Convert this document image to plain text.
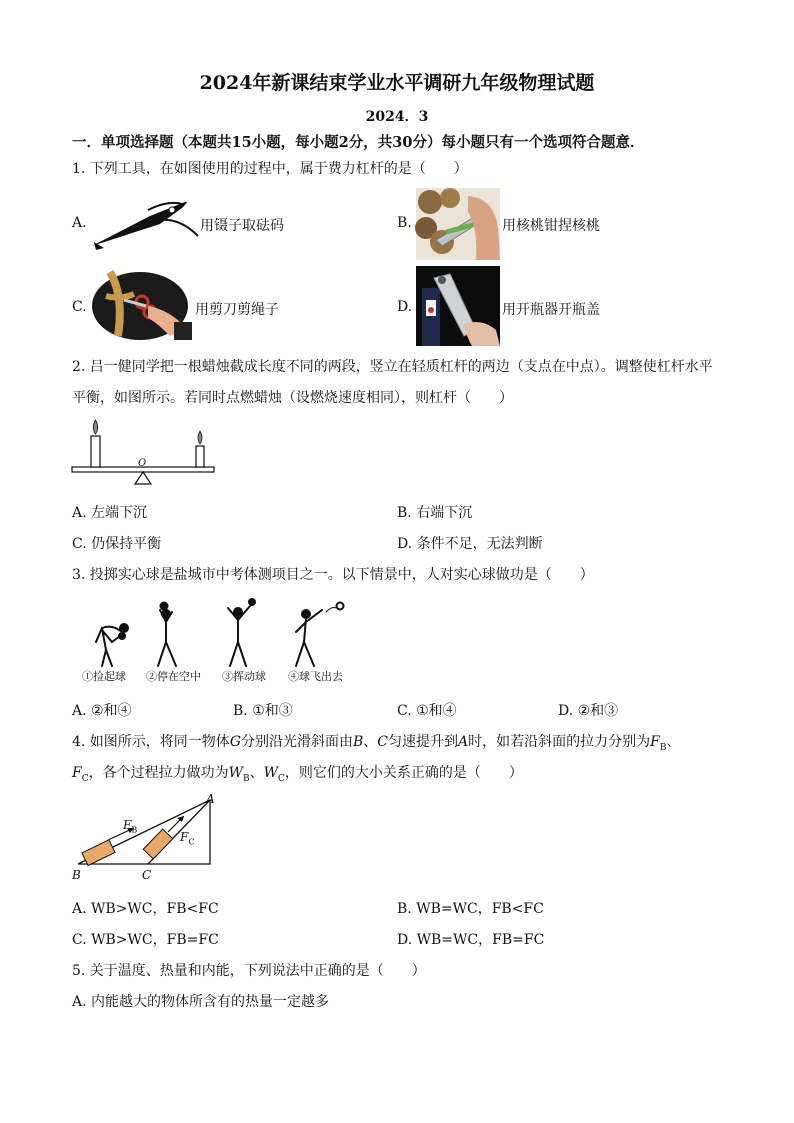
2024年新课结束学业水平调研九年级物理试题
2024．3
一．单项选择题（本题共15小题，每小题2分，共30分）每小题只有一个选项符合题意．
1. 下列工具，在如图使用的过程中，属于费力杠杆的是（　　）
A.	用镊子取砝码	B.	用核桃钳捏核桃
C.	用剪刀剪绳子	D.	用开瓶器开瓶盖
2. 吕一健同学把一根蜡烛截成长度不同的两段，竖立在轻质杠杆的两边（支点在中点）。调整使杠杆水平
平衡，如图所示。若同时点燃蜡烛（设燃烧速度相同），则杠杆（　　）
O
A. 左端下沉	B. 右端下沉
C. 仍保持平衡	D. 条件不足，无法判断
3. 投掷实心球是盐城市中考体测项目之一。以下情景中，人对实心球做功是（　　）
①捡起球 ②停在空中 ③挥动球 ④球飞出去
A. ②和④	B. ①和③	C. ①和④	D. ②和③
4. 如图所示，将同一物体G分别沿光滑斜面由B、C匀速提升到A时，如若沿斜面的拉力分别为$F_B$、
$F_C$，各个过程拉力做功为$W_B$、$W_C$，则它们的大小关系正确的是（　　）
A
B	C
$F_B$
$F_C$
A. WB>WC，FB<FC	B. WB=WC，FB<FC
C. WB>WC，FB=FC	D. WB=WC，FB=FC
5. 关于温度、热量和内能，下列说法中正确的是（　　）
A. 内能越大的物体所含有的热量一定越多
